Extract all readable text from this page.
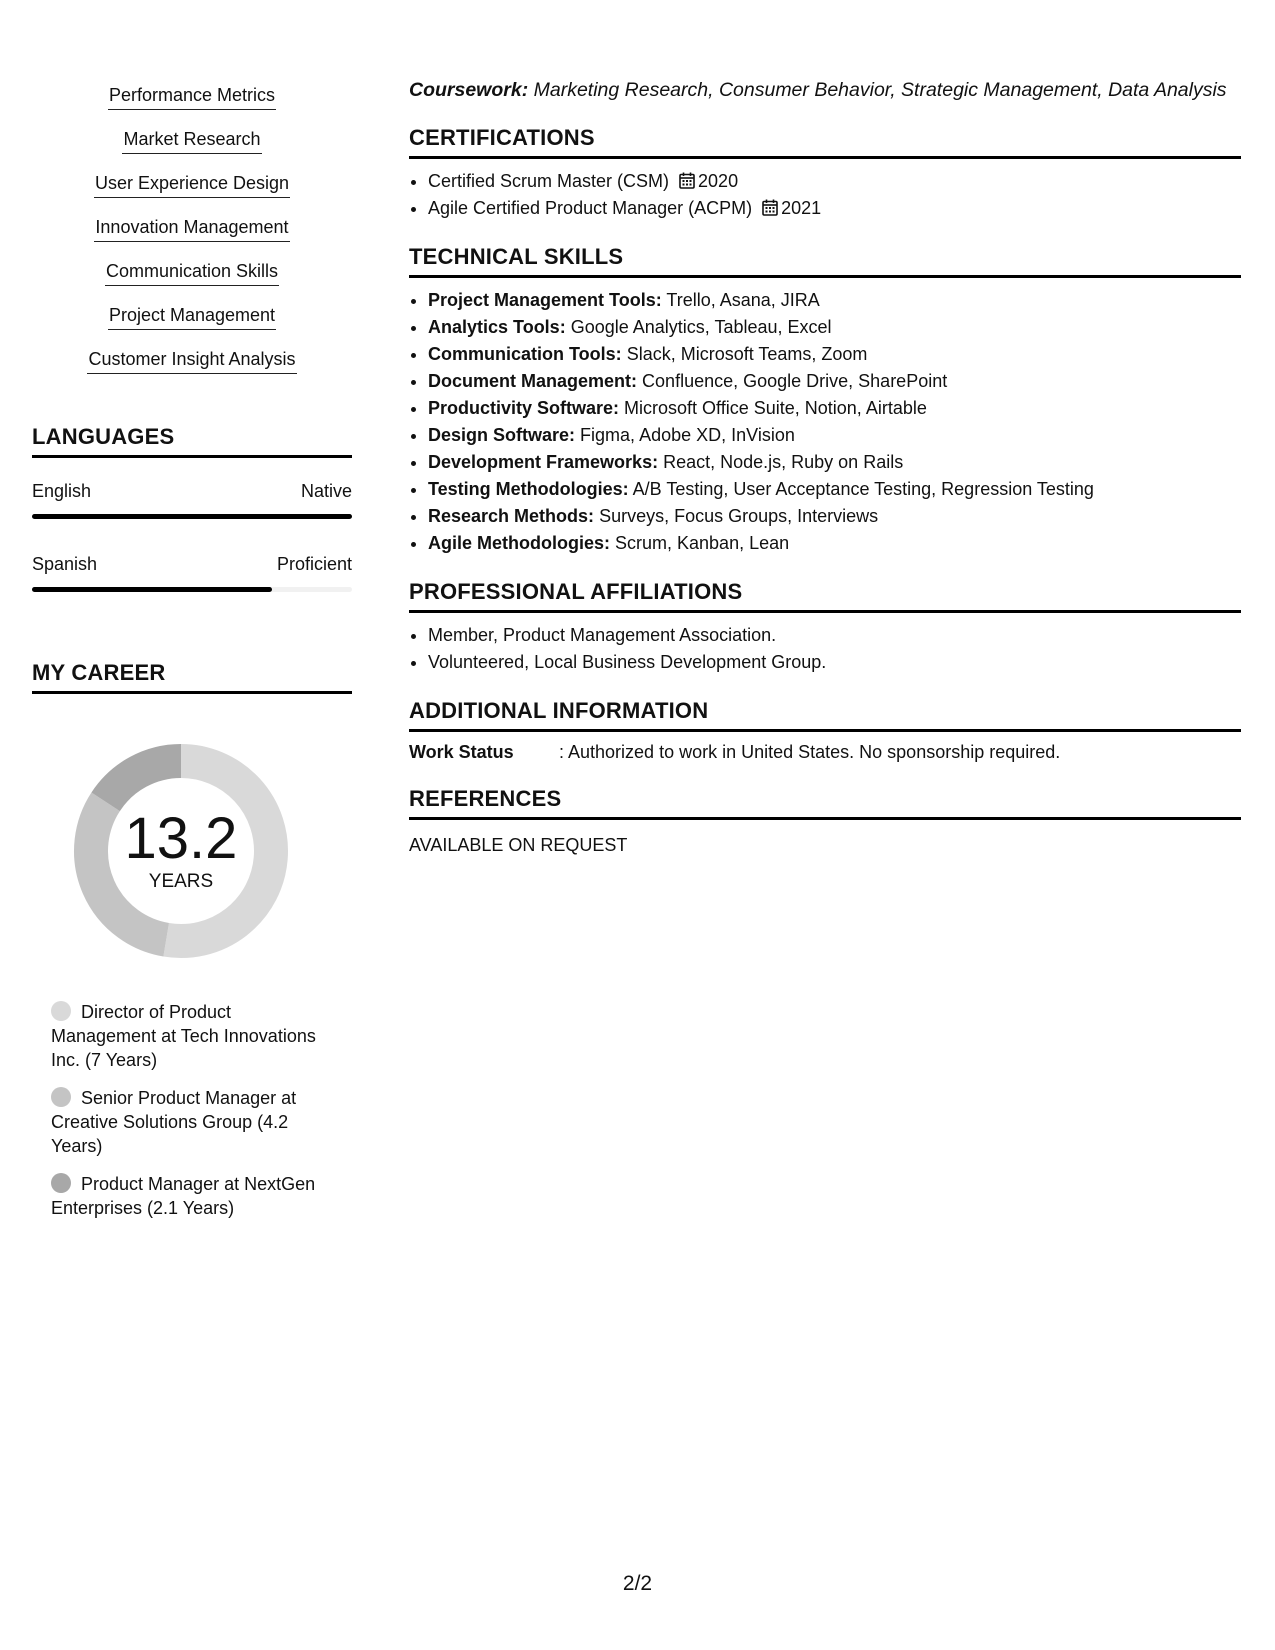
Performance Metrics
Market Research
User Experience Design
Innovation Management
Communication Skills
Project Management
Customer Insight Analysis
LANGUAGES
English	Native
Spanish	Proficient
MY CAREER
13.2
YEARS
Director of Product Management at Tech Innovations Inc. (7 Years)
Senior Product Manager at Creative Solutions Group (4.2 Years)
Product Manager at NextGen Enterprises (2.1 Years)

Coursework: Marketing Research, Consumer Behavior, Strategic Management, Data Analysis

CERTIFICATIONS
• Certified Scrum Master (CSM) 2020
• Agile Certified Product Manager (ACPM) 2021
TECHNICAL SKILLS
• Project Management Tools: Trello, Asana, JIRA
• Analytics Tools: Google Analytics, Tableau, Excel
• Communication Tools: Slack, Microsoft Teams, Zoom
• Document Management: Confluence, Google Drive, SharePoint
• Productivity Software: Microsoft Office Suite, Notion, Airtable
• Design Software: Figma, Adobe XD, InVision
• Development Frameworks: React, Node.js, Ruby on Rails
• Testing Methodologies: A/B Testing, User Acceptance Testing, Regression Testing
• Research Methods: Surveys, Focus Groups, Interviews
• Agile Methodologies: Scrum, Kanban, Lean
PROFESSIONAL AFFILIATIONS
• Member, Product Management Association.
• Volunteered, Local Business Development Group.
ADDITIONAL INFORMATION
Work Status	: Authorized to work in United States. No sponsorship required.
REFERENCES
AVAILABLE ON REQUEST
2/2
